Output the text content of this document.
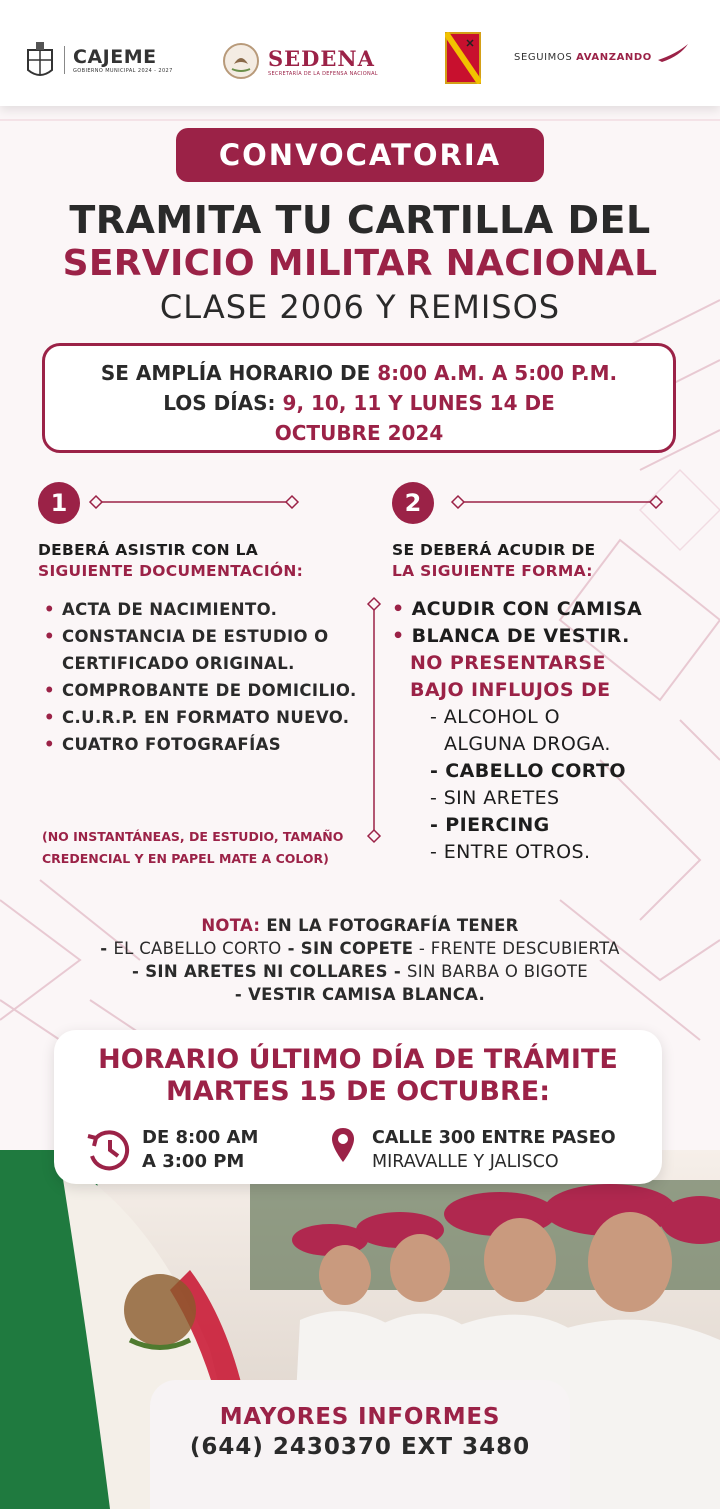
CAJEME
GOBIERNO MUNICIPAL 2024 - 2027
SEDENA
SECRETARÍA DE LA DEFENSA NACIONAL
SEGUIMOS AVANZANDO
CONVOCATORIA
TRAMITA TU CARTILLA DEL
SERVICIO MILITAR NACIONAL
CLASE 2006 Y REMISOS
SE AMPLÍA HORARIO DE 8:00 A.M. A 5:00 P.M.
LOS DÍAS: 9, 10, 11 Y LUNES 14 DE
OCTUBRE 2024
1
DEBERÁ ASISTIR CON LA
SIGUIENTE DOCUMENTACIÓN:
• ACTA DE NACIMIENTO.
• CONSTANCIA DE ESTUDIO O CERTIFICADO ORIGINAL.
• COMPROBANTE DE DOMICILIO.
• C.U.R.P. EN FORMATO NUEVO.
• CUATRO FOTOGRAFÍAS
(NO INSTANTÁNEAS, DE ESTUDIO, TAMAÑO CREDENCIAL Y EN PAPEL MATE A COLOR)
2
SE DEBERÁ ACUDIR DE
LA SIGUIENTE FORMA:
• ACUDIR CON CAMISA
• BLANCA DE VESTIR.
NO PRESENTARSE
BAJO INFLUJOS DE
- ALCOHOL O
ALGUNA DROGA.
- CABELLO CORTO
- SIN ARETES
- PIERCING
- ENTRE OTROS.
NOTA: EN LA FOTOGRAFÍA TENER
- EL CABELLO CORTO - SIN COPETE - FRENTE DESCUBIERTA
- SIN ARETES NI COLLARES - SIN BARBA O BIGOTE
- VESTIR CAMISA BLANCA.
HORARIO ÚLTIMO DÍA DE TRÁMITE
MARTES 15 DE OCTUBRE:
DE 8:00 AM
A 3:00 PM
CALLE 300 ENTRE PASEO
MIRAVALLE Y JALISCO
MAYORES INFORMES
(644) 2430370 EXT 3480
